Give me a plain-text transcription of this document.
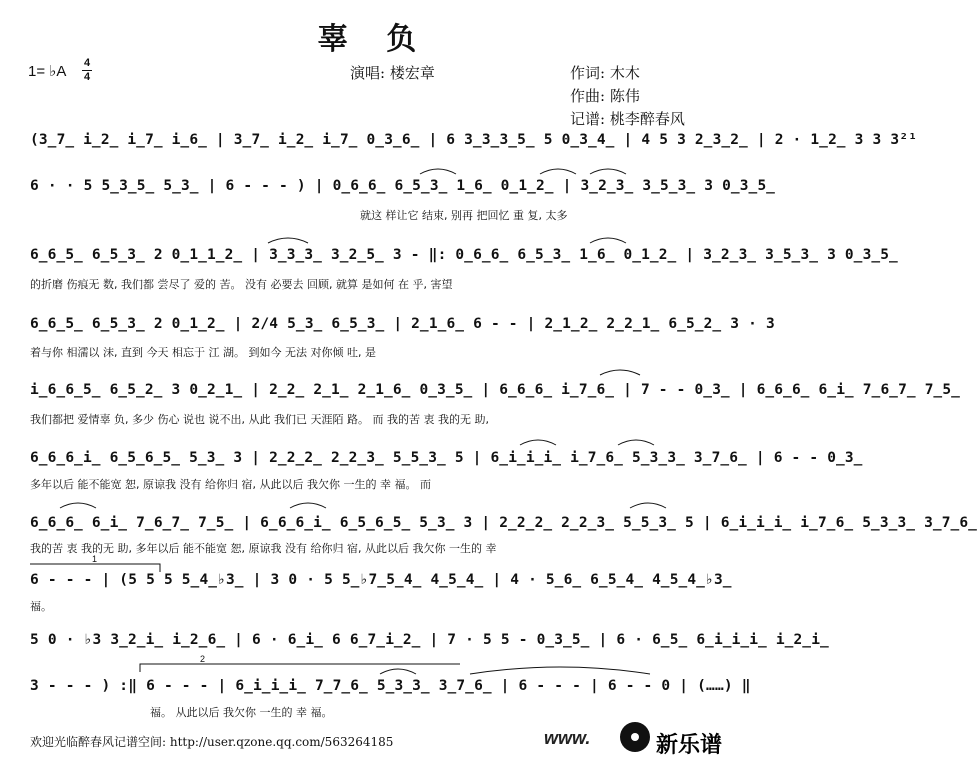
辜 负
演唱: 楼宏章	作词: 木木
作曲: 陈伟
记谱: 桃李醉春风
1= ♭A 4
4
(3̲7̲ i̲2̲ i̲7̲ i̲6̲ | 3̲7̲ i̲2̲ i̲7̲ 0̲3̲6̲ | 6 3̲3̲3̲5̲ 5 0̲3̲4̲ | 4 5 3 2̲3̲2̲ | 2 · 1̲2̲ 3 3 3²¹
6 · · 5 5̲3̲5̲ 5̲3̲ | 6 - - - ) | 0̲6̲6̲ 6̲5̲3̲ 1̲6̲ 0̲1̲2̲ | 3̲2̲3̲ 3̲5̲3̲ 3 0̲3̲5̲
就这 样让它 结束, 别再 把回忆 重 复, 太多
6̲6̲5̲ 6̲5̲3̲ 2 0̲1̲1̲2̲ | 3̲3̲3̲ 3̲2̲5̲ 3 - ‖: 0̲6̲6̲ 6̲5̲3̲ 1̲6̲ 0̲1̲2̲ | 3̲2̲3̲ 3̲5̲3̲ 3 0̲3̲5̲
的折磨 伤痕无 数, 我们都 尝尽了 爱的 苦。 没有 必要去 回顾, 就算 是如何 在 乎, 害望
6̲6̲5̲ 6̲5̲3̲ 2 0̲1̲2̲ | 2/4 5̲3̲ 6̲5̲3̲ | 2̲1̲6̲ 6 - - | 2̲1̲2̲ 2̲2̲1̲ 6̲5̲2̲ 3 · 3
着与你 相濡以 沫, 直到 今天 相忘于 江 湖。 到如今 无法 对你倾 吐, 是
i̲6̲6̲5̲ 6̲5̲2̲ 3 0̲2̲1̲ | 2̲2̲ 2̲1̲ 2̲1̲6̲ 0̲3̲5̲ | 6̲6̲6̲ i̲7̲6̲ | 7 - - 0̲3̲ | 6̲6̲6̲ 6̲i̲ 7̲6̲7̲ 7̲5̲
我们都把 爱情辜 负, 多少 伤心 说也 说不出, 从此 我们已 天涯陌 路。 而 我的苦 衷 我的无 助,
6̲6̲6̲i̲ 6̲5̲6̲5̲ 5̲3̲ 3 | 2̲2̲2̲ 2̲2̲3̲ 5̲5̲3̲ 5 | 6̲i̲i̲i̲ i̲7̲6̲ 5̲3̲3̲ 3̲7̲6̲ | 6 - - 0̲3̲
多年以后 能不能宽 恕, 原谅我 没有 给你归 宿, 从此以后 我欠你 一生的 幸 福。 而
6̲6̲6̲ 6̲i̲ 7̲6̲7̲ 7̲5̲ | 6̲6̲6̲i̲ 6̲5̲6̲5̲ 5̲3̲ 3 | 2̲2̲2̲ 2̲2̲3̲ 5̲5̲3̲ 5 | 6̲i̲i̲i̲ i̲7̲6̲ 5̲3̲3̲ 3̲7̲6̲
我的苦 衷 我的无 助, 多年以后 能不能宽 恕, 原谅我 没有 给你归 宿, 从此以后 我欠你 一生的 幸
6 - - - | (5 5 5 5̲4̲♭3̲ | 3 0 · 5 5̲♭7̲5̲4̲ 4̲5̲4̲ | 4 · 5̲6̲ 6̲5̲4̲ 4̲5̲4̲♭3̲
福。
5 0 · ♭3 3̲2̲i̲ i̲2̲6̲ | 6 · 6̲i̲ 6 6̲7̲i̲2̲ | 7 · 5 5 - 0̲3̲5̲ | 6 · 6̲5̲ 6̲i̲i̲i̲ i̲2̲i̲
3 - - - ) :‖ 6 - - - | 6̲i̲i̲i̲ 7̲7̲6̲ 5̲3̲3̲ 3̲7̲6̲ | 6 - - - | 6 - - 0 | (……) ‖
福。 从此以后 我欠你 一生的 幸 福。
1
2
欢迎光临醉春风记谱空间: http://user.qzone.qq.com/563264185	www.	新乐谱
